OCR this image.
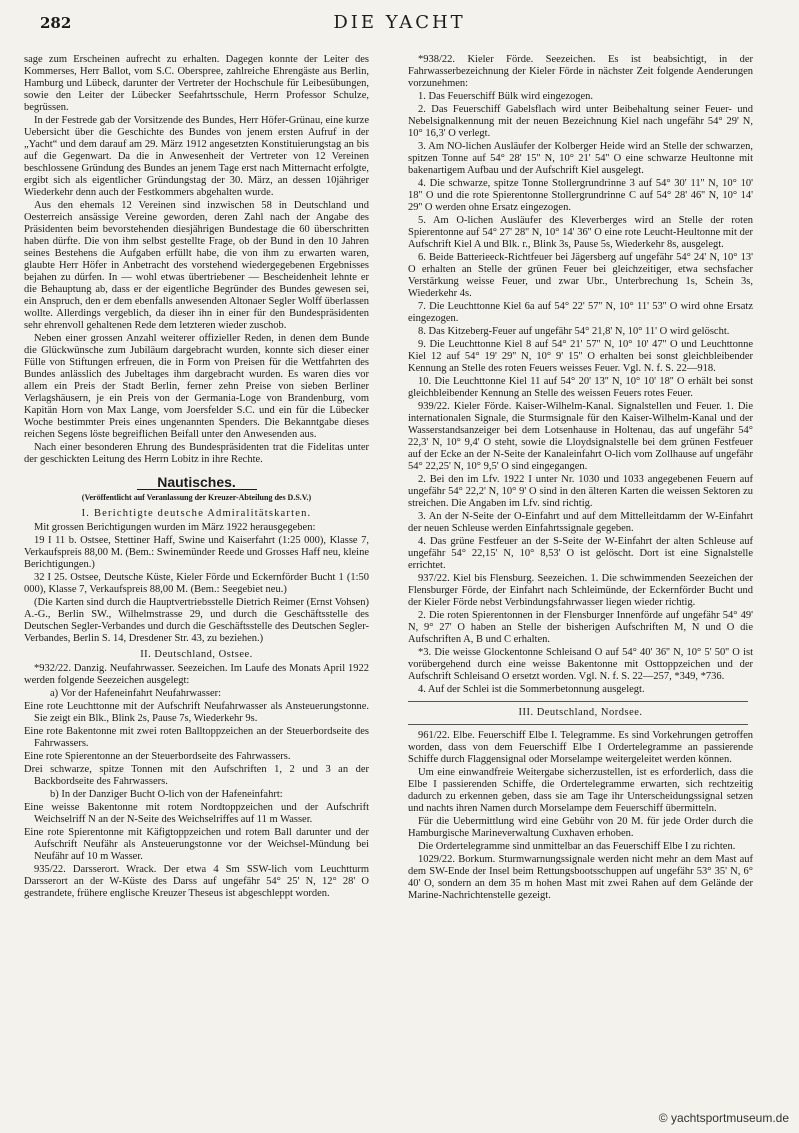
282	DIE YACHT

sage zum Erscheinen aufrecht zu erhalten. Dagegen konnte der Leiter des Kommerses, Herr Ballot, vom S.C. Oberspree, zahlreiche Ehrengäste aus Berlin, Hamburg und Lübeck, darunter der Vertreter der Hochschule für Leibesübungen, sowie den Leiter der Lübecker Seefahrtsschule, Herrn Professor Schulze, begrüssen.

In der Festrede gab der Vorsitzende des Bundes, Herr Höfer-Grünau, eine kurze Uebersicht über die Geschichte des Bundes von jenem ersten Aufruf in der „Yacht“ und dem darauf am 29. März 1912 angesetzten Konstituierungstag an bis auf die Gegenwart. Da die in Anwesenheit der Vertreter von 12 Vereinen beschlossene Gründung des Bundes an jenem Tage erst nach Mitternacht erfolgte, ergibt sich als eigentlicher Gründungstag der 30. März, an dessen 10jähriger Wiederkehr denn auch der Festkommers abgehalten wurde.

Aus den ehemals 12 Vereinen sind inzwischen 58 in Deutschland und Oesterreich ansässige Vereine geworden, deren Zahl nach der Angabe des Präsidenten beim bevorstehenden diesjährigen Bundestage die 60 überschritten haben dürfte. Die von ihm selbst gestellte Frage, ob der Bund in den 10 Jahren seines Bestehens die Aufgaben erfüllt habe, die von ihm zu erwarten waren, glaubte Herr Höfer in Anbetracht des vorstehend wiedergegebenen Ergebnisses bejahen zu dürfen. In — wohl etwas übertriebener — Bescheidenheit lehnte er die Behauptung ab, dass er der eigentliche Begründer des Bundes gewesen sei, ein Anspruch, den er dem ebenfalls anwesenden Altonaer Segler Wolff überlassen wollte. Allerdings vergeblich, da dieser ihn in einer für den Bundespräsidenten sehr ehrenvoll gehaltenen Rede dem letzteren wieder zuschob.

Neben einer grossen Anzahl weiterer offizieller Reden, in denen dem Bunde die Glückwünsche zum Jubiläum dargebracht wurden, konnte sich dieser einer Fülle von Stiftungen erfreuen, die in Form von Preisen für die Wettfahrten des Bundes anlässlich des Jubeltages ihm dargebracht wurden. Es waren dies vor allem ein Preis der Stadt Berlin, ferner zehn Preise von sieben Berliner Verlagshäusern, je ein Preis von der Germania-Loge von Brandenburg, vom Kapitän Horn von Max Lange, vom Joersfelder S.C. und ein für die Lübecker Woche bestimmter Preis eines ungenannten Spenders. Die Bekanntgabe dieses reichen Segens löste begreiflichen Beifall unter den Anwesenden aus.

Nach einer besonderen Ehrung des Bundespräsidenten trat die Fidelitas unter der geschickten Leitung des Herrn Lobitz in ihre Rechte.

Nautisches.
(Veröffentlicht auf Veranlassung der Kreuzer-Abteilung des D.S.V.)
I. Berichtigte deutsche Admiralitätskarten.

Mit grossen Berichtigungen wurden im März 1922 herausgegeben:

19 I 11 b. Ostsee, Stettiner Haff, Swine und Kaiserfahrt (1:25 000), Klasse 7, Verkaufspreis 88,00 M. (Bem.: Swinemünder Reede und Grosses Haff neu, kleine Berichtigungen.)

32 I 25. Ostsee, Deutsche Küste, Kieler Förde und Eckernförder Bucht 1 (1:50 000), Klasse 7, Verkaufspreis 88,00 M. (Bem.: Seegebiet neu.)

(Die Karten sind durch die Hauptvertriebsstelle Dietrich Reimer (Ernst Vohsen) A.-G., Berlin SW., Wilhelmstrasse 29, und durch die Geschäftsstelle des Deutschen Segler-Verbandes und durch die Geschäftsstelle des Deutschen Segler-Verbandes, Berlin S. 14, Dresdener Str. 43, zu beziehen.)

II. Deutschland, Ostsee.

*932/22. Danzig. Neufahrwasser. Seezeichen. Im Laufe des Monats April 1922 werden folgende Seezeichen ausgelegt:

a) Vor der Hafeneinfahrt Neufahrwasser:

Eine rote Leuchttonne mit der Aufschrift Neufahrwasser als Ansteuerungstonne. Sie zeigt ein Blk., Blink 2s, Pause 7s, Wiederkehr 9s.

Eine rote Bakentonne mit zwei roten Balltoppzeichen an der Steuerbordseite des Fahrwassers.

Eine rote Spierentonne an der Steuerbordseite des Fahrwassers.

Drei schwarze, spitze Tonnen mit den Aufschriften 1, 2 und 3 an der Backbordseite des Fahrwassers.

b) In der Danziger Bucht O-lich von der Hafeneinfahrt:

Eine weisse Bakentonne mit rotem Nordtoppzeichen und der Aufschrift Weichselriff N an der N-Seite des Weichselriffes auf 11 m Wasser.

Eine rote Spierentonne mit Käfigtoppzeichen und rotem Ball darunter und der Aufschrift Neufähr als Ansteuerungstonne vor der Weichsel-Mündung bei Neufähr auf 10 m Wasser.

935/22. Darsserort. Wrack. Der etwa 4 Sm SSW-lich vom Leuchtturm Darsserort an der W-Küste des Darss auf ungefähr 54° 25' N, 12° 28' O gestrandete, frühere englische Kreuzer Theseus ist abgeschleppt worden.

*938/22. Kieler Förde. Seezeichen. Es ist beabsichtigt, in der Fahrwasserbezeichnung der Kieler Förde in nächster Zeit folgende Aenderungen vorzunehmen:

1. Das Feuerschiff Bülk wird eingezogen.

2. Das Feuerschiff Gabelsflach wird unter Beibehaltung seiner Feuer- und Nebelsignalkennung mit der neuen Bezeichnung Kiel nach ungefähr 54° 29' N, 10° 16,3' O verlegt.

3. Am NO-lichen Ausläufer der Kolberger Heide wird an Stelle der schwarzen, spitzen Tonne auf 54° 28' 15'' N, 10° 21' 54'' O eine schwarze Heultonne mit bakenartigem Aufbau und der Aufschrift Kiel ausgelegt.

4. Die schwarze, spitze Tonne Stollergrundrinne 3 auf 54° 30' 11'' N, 10° 10' 18'' O und die rote Spierentonne Stollergrundrinne C auf 54° 28' 46'' N, 10° 14' 29'' O werden ohne Ersatz eingezogen.

5. Am O-lichen Ausläufer des Kleverberges wird an Stelle der roten Spierentonne auf 54° 27' 28'' N, 10° 14' 36'' O eine rote Leucht-Heultonne mit der Aufschrift Kiel A und Blk. r., Blink 3s, Pause 5s, Wiederkehr 8s, ausgelegt.

6. Beide Batterieeck-Richtfeuer bei Jägersberg auf ungefähr 54° 24' N, 10° 13' O erhalten an Stelle der grünen Feuer bei gleichzeitiger, etwa sechsfacher Verstärkung weisse Feuer, und zwar Ubr., Unterbrechung 1s, Schein 3s, Wiederkehr 4s.

7. Die Leuchttonne Kiel 6a auf 54° 22' 57'' N, 10° 11' 53'' O wird ohne Ersatz eingezogen.

8. Das Kitzeberg-Feuer auf ungefähr 54° 21,8' N, 10° 11' O wird gelöscht.

9. Die Leuchttonne Kiel 8 auf 54° 21' 57'' N, 10° 10' 47'' O und Leuchttonne Kiel 12 auf 54° 19' 29'' N, 10° 9' 15'' O erhalten bei sonst gleichbleibender Kennung an Stelle des roten Feuers weisses Feuer. Vgl. N. f. S. 22—918.

10. Die Leuchttonne Kiel 11 auf 54° 20' 13'' N, 10° 10' 18'' O erhält bei sonst gleichbleibender Kennung an Stelle des weissen Feuers rotes Feuer.

939/22. Kieler Förde. Kaiser-Wilhelm-Kanal. Signalstellen und Feuer. 1. Die internationalen Signale, die Sturmsignale für den Kaiser-Wilhelm-Kanal und der Wasserstandsanzeiger bei dem Lotsenhause in Holtenau, das auf ungefähr 54° 22,3' N, 10° 9,4' O steht, sowie die Lloydsignalstelle bei dem grünen Festfeuer auf der Ecke an der N-Seite der Kanaleinfahrt O-lich vom Zollhause auf ungefähr 54° 22,25' N, 10° 9,5' O sind eingegangen.

2. Bei den im Lfv. 1922 I unter Nr. 1030 und 1033 angegebenen Feuern auf ungefähr 54° 22,2' N, 10° 9' O sind in den älteren Karten die weissen Sektoren zu streichen. Die Angaben im Lfv. sind richtig.

3. An der N-Seite der O-Einfahrt und auf dem Mittelleitdamm der W-Einfahrt der neuen Schleuse werden Einfahrtssignale gegeben.

4. Das grüne Festfeuer an der S-Seite der W-Einfahrt der alten Schleuse auf ungefähr 54° 22,15' N, 10° 8,53' O ist gelöscht. Dort ist eine Signalstelle errichtet.

937/22. Kiel bis Flensburg. Seezeichen. 1. Die schwimmenden Seezeichen der Flensburger Förde, der Einfahrt nach Schleimünde, der Eckernförder Bucht und der Kieler Förde nebst Verbindungsfahrwasser liegen wieder richtig.

2. Die roten Spierentonnen in der Flensburger Innenförde auf ungefähr 54° 49' N, 9° 27' O haben an Stelle der bisherigen Aufschriften M, N und O die Aufschriften A, B und C erhalten.

*3. Die weisse Glockentonne Schleisand O auf 54° 40' 36'' N, 10° 5' 50'' O ist vorübergehend durch eine weisse Bakentonne mit Osttoppzeichen und der Aufschrift Schleisand O ersetzt worden. Vgl. N. f. S. 22—257, *349, *736.

4. Auf der Schlei ist die Sommerbetonnung ausgelegt.

III. Deutschland, Nordsee.

961/22. Elbe. Feuerschiff Elbe I. Telegramme. Es sind Vorkehrungen getroffen worden, dass von dem Feuerschiff Elbe I Ordertelegramme an passierende Schiffe durch Flaggensignal oder Morselampe weitergeleitet werden können.

Um eine einwandfreie Weitergabe sicherzustellen, ist es erforderlich, dass die Elbe I passierenden Schiffe, die Ordertelegramme erwarten, sich rechtzeitig dadurch zu erkennen geben, dass sie am Tage ihr Unterscheidungssignal setzen und nachts ihren Namen durch Morselampe dem Feuerschiff übermitteln.

Für die Uebermittlung wird eine Gebühr von 20 M. für jede Order durch die Hamburgische Marineverwaltung Cuxhaven erhoben.

Die Ordertelegramme sind unmittelbar an das Feuerschiff Elbe I zu richten.

1029/22. Borkum. Sturmwarnungssignale werden nicht mehr an dem Mast auf dem SW-Ende der Insel beim Rettungsbootsschuppen auf ungefähr 53° 35' N, 6° 40' O, sondern an dem 35 m hohen Mast mit zwei Rahen auf dem Gelände der Marine-Nachrichtenstelle gezeigt.

© yachtsportmuseum.de
